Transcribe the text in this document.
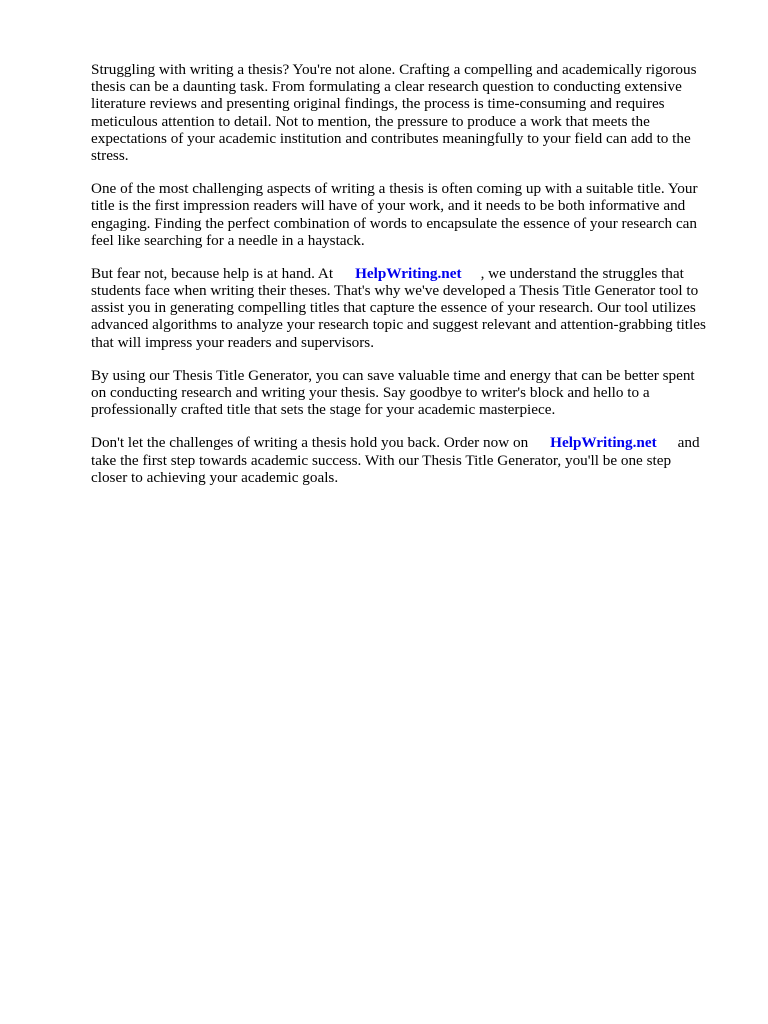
Struggling with writing a thesis? You're not alone. Crafting a compelling and academically rigorous
thesis can be a daunting task. From formulating a clear research question to conducting extensive
literature reviews and presenting original findings, the process is time-consuming and requires
meticulous attention to detail. Not to mention, the pressure to produce a work that meets the
expectations of your academic institution and contributes meaningfully to your field can add to the
stress.
One of the most challenging aspects of writing a thesis is often coming up with a suitable title. Your
title is the first impression readers will have of your work, and it needs to be both informative and
engaging. Finding the perfect combination of words to encapsulate the essence of your research can
feel like searching for a needle in a haystack.
But fear not, because help is at hand. At HelpWriting.net , we understand the struggles that
students face when writing their theses. That's why we've developed a Thesis Title Generator tool to
assist you in generating compelling titles that capture the essence of your research. Our tool utilizes
advanced algorithms to analyze your research topic and suggest relevant and attention-grabbing titles
that will impress your readers and supervisors.
By using our Thesis Title Generator, you can save valuable time and energy that can be better spent
on conducting research and writing your thesis. Say goodbye to writer's block and hello to a
professionally crafted title that sets the stage for your academic masterpiece.
Don't let the challenges of writing a thesis hold you back. Order now on HelpWriting.net and
take the first step towards academic success. With our Thesis Title Generator, you'll be one step
closer to achieving your academic goals.
